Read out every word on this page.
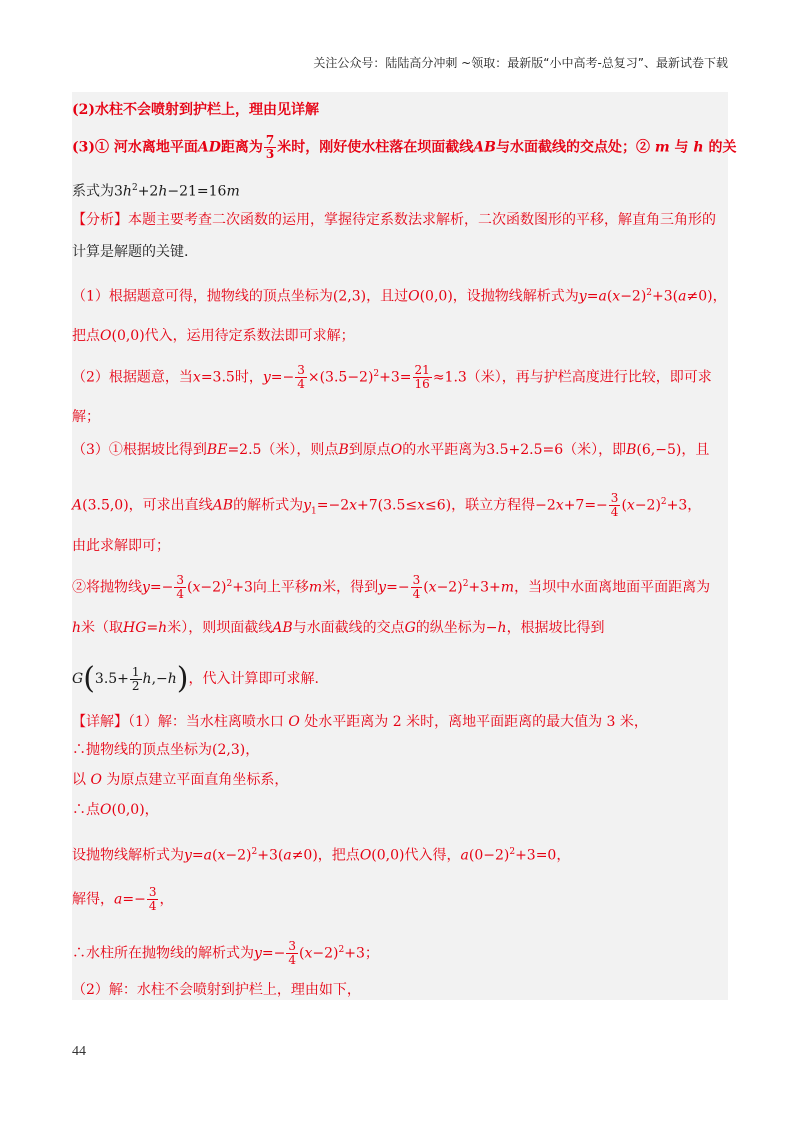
关注公众号：陆陆高分冲刺 ~领取：最新版“小中高考-总复习”、最新试卷下载
(2)水柱不会喷射到护栏上，理由见详解
(3)① 河水离地平面AD距离为 $\frac{7}{3}$ 米时，刚好使水柱落在坝面截线AB与水面截线的交点处；② m 与 h 的关
系式为$3h^2+2h-21=16m$
【分析】本题主要考查二次函数的运用，掌握待定系数法求解析，二次函数图形的平移，解直角三角形的
计算是解题的关键.
（1）根据题意可得，抛物线的顶点坐标为(2,3)，且过O(0,0)，设抛物线解析式为$y=a(x-2)^2+3(a\ne 0)$，
把点O(0,0)代入，运用待定系数法即可求解；
（2）根据题意，当x=3.5时，$y=- \frac{3}{4} \times(3.5-2)^2+3= \frac{21}{16} \approx 1.3$（米），再与护栏高度进行比较，即可求
解；
（3）①根据坡比得到BE=2.5（米），则点B到原点O的水平距离为3.5+2.5=6（米），即B(6,−5)，且
A(3.5,0)，可求出直线AB的解析式为$y_1=-2x+7(3.5\le x\le 6)$，联立方程得$-2x+7=- \frac{3}{4} (x-2)^2+3$，
由此求解即可；
②将抛物线$y=- \frac{3}{4} (x-2)^2+3$向上平移m米，得到$y=- \frac{3}{4} (x-2)^2+3+m$，当坝中水面离地面平面距离为
h米（取HG=h米），则坝面截线AB与水面截线的交点G的纵坐标为−h，根据坡比得到
$G(3.5+ \frac{1}{2} h,-h)$，代入计算即可求解.
【详解】（1）解：当水柱离喷水口 O 处水平距离为 2 米时，离地平面距离的最大值为 3 米，
∴抛物线的顶点坐标为(2,3)，
以 O 为原点建立平面直角坐标系，
∴点O(0,0)，
设抛物线解析式为$y=a(x-2)^2+3(a\ne 0)$，把点O(0,0)代入得，$a(0-2)^2+3=0$，
解得，$a=- \frac{3}{4}$ ，
∴水柱所在抛物线的解析式为$y=- \frac{3}{4} (x-2)^2+3$；
（2）解：水柱不会喷射到护栏上，理由如下，
44
